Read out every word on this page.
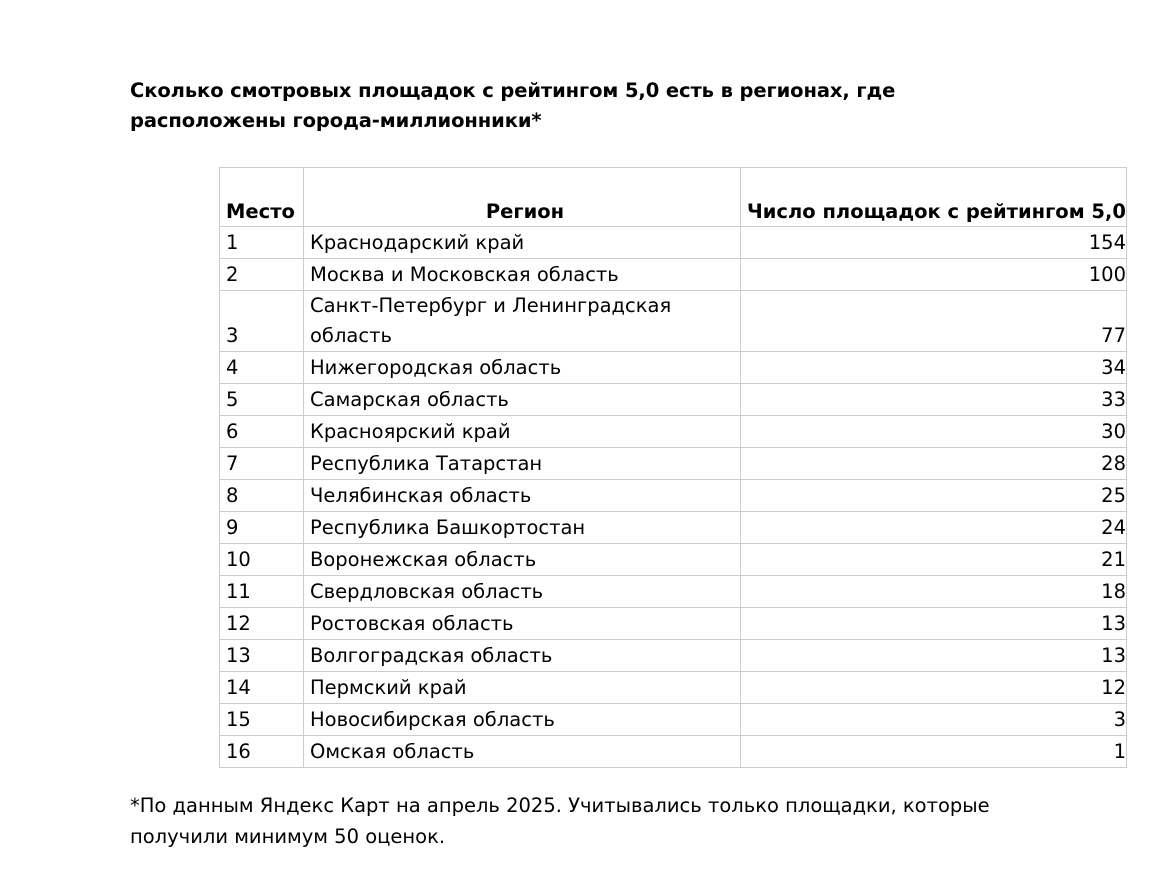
Сколько смотровых площадок с рейтингом 5,0 есть в регионах, где расположены города-миллионники*
Место	Регион	Число площадок с рейтингом 5,0
1	Краснодарский край	154
2	Москва и Московская область	100
3	Санкт-Петербург и Ленинградская область	77
4	Нижегородская область	34
5	Самарская область	33
6	Красноярский край	30
7	Республика Татарстан	28
8	Челябинская область	25
9	Республика Башкортостан	24
10	Воронежская область	21
11	Свердловская область	18
12	Ростовская область	13
13	Волгоградская область	13
14	Пермский край	12
15	Новосибирская область	3
16	Омская область	1
*По данным Яндекс Карт на апрель 2025. Учитывались только площадки, которые получили минимум 50 оценок.
